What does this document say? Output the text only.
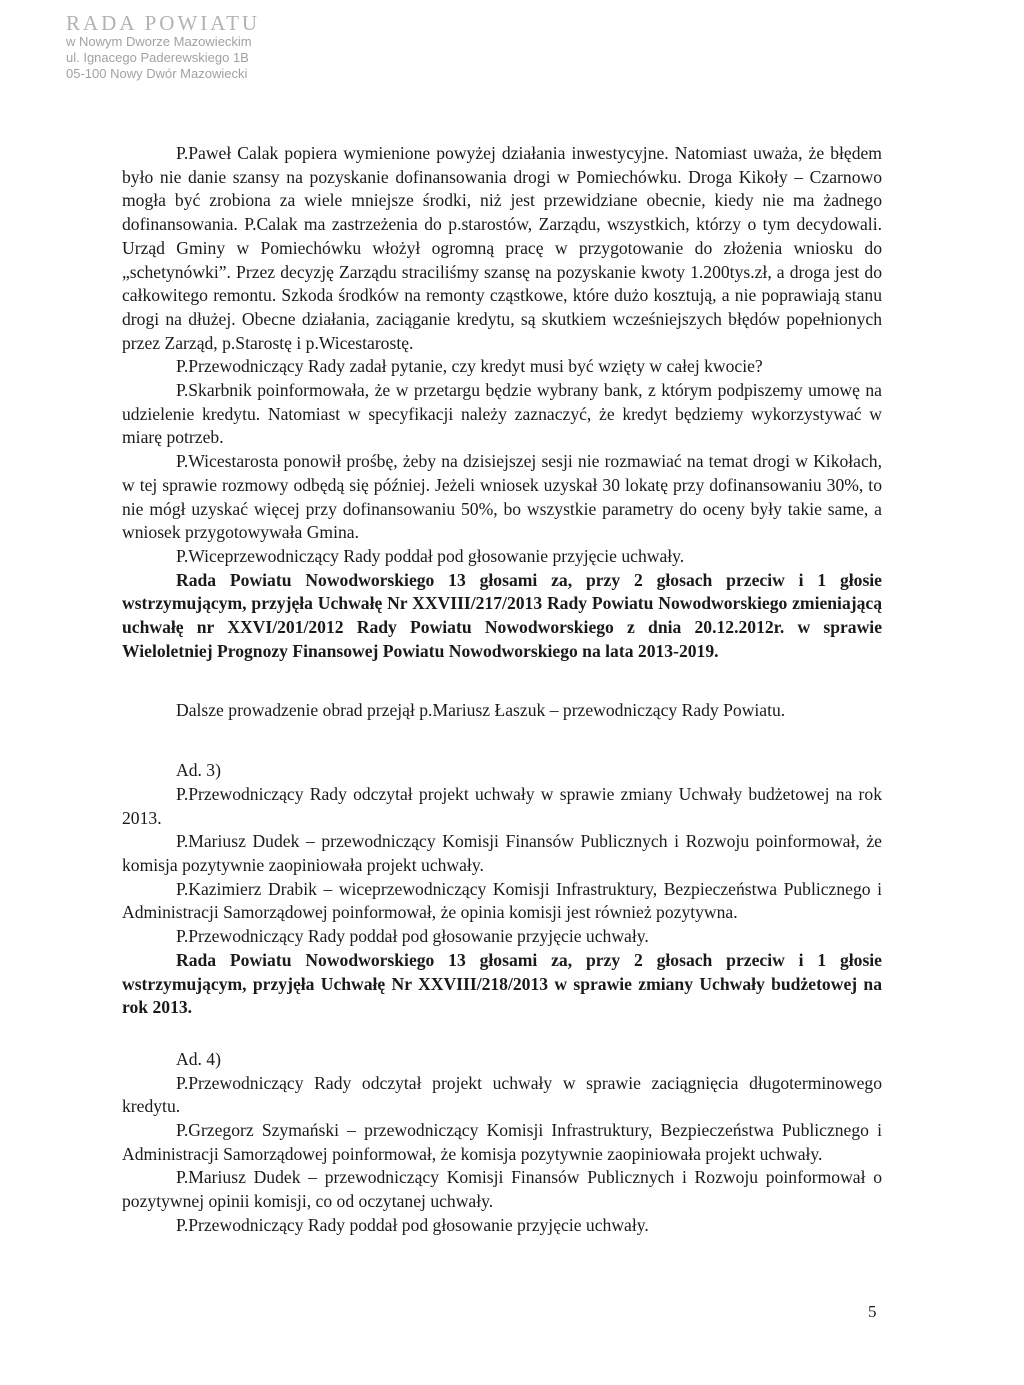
RADA POWIATU
w Nowym Dworze Mazowieckim
ul. Ignacego Paderewskiego 1B
05-100 Nowy Dwór Mazowiecki

P.Paweł Calak popiera wymienione powyżej działania inwestycyjne. Natomiast uważa, że błędem było nie danie szansy na pozyskanie dofinansowania drogi w Pomiechówku. Droga Kikoły – Czarnowo mogła być zrobiona za wiele mniejsze środki, niż jest przewidziane obecnie, kiedy nie ma żadnego dofinansowania. P.Calak ma zastrzeżenia do p.starostów, Zarządu, wszystkich, którzy o tym decydowali. Urząd Gminy w Pomiechówku włożył ogromną pracę w przygotowanie do złożenia wniosku do „schetynówki”. Przez decyzję Zarządu straciliśmy szansę na pozyskanie kwoty 1.200tys.zł, a droga jest do całkowitego remontu. Szkoda środków na remonty cząstkowe, które dużo kosztują, a nie poprawiają stanu drogi na dłużej. Obecne działania, zaciąganie kredytu, są skutkiem wcześniejszych błędów popełnionych przez Zarząd, p.Starostę i p.Wicestarostę.

P.Przewodniczący Rady zadał pytanie, czy kredyt musi być wzięty w całej kwocie?

P.Skarbnik poinformowała, że w przetargu będzie wybrany bank, z którym podpiszemy umowę na udzielenie kredytu. Natomiast w specyfikacji należy zaznaczyć, że kredyt będziemy wykorzystywać w miarę potrzeb.

P.Wicestarosta ponowił prośbę, żeby na dzisiejszej sesji nie rozmawiać na temat drogi w Kikołach, w tej sprawie rozmowy odbędą się później. Jeżeli wniosek uzyskał 30 lokatę przy dofinansowaniu 30%, to nie mógł uzyskać więcej przy dofinansowaniu 50%, bo wszystkie parametry do oceny były takie same, a wniosek przygotowywała Gmina.

P.Wiceprzewodniczący Rady poddał pod głosowanie przyjęcie uchwały.

Rada Powiatu Nowodworskiego 13 głosami za, przy 2 głosach przeciw i 1 głosie wstrzymującym, przyjęła Uchwałę Nr XXVIII/217/2013 Rady Powiatu Nowodworskiego zmieniającą uchwałę nr XXVI/201/2012 Rady Powiatu Nowodworskiego z dnia 20.12.2012r. w sprawie Wieloletniej Prognozy Finansowej Powiatu Nowodworskiego na lata 2013-2019.

Dalsze prowadzenie obrad przejął p.Mariusz Łaszuk – przewodniczący Rady Powiatu.

Ad. 3)

P.Przewodniczący Rady odczytał projekt uchwały w sprawie zmiany Uchwały budżetowej na rok 2013.

P.Mariusz Dudek – przewodniczący Komisji Finansów Publicznych i Rozwoju poinformował, że komisja pozytywnie zaopiniowała projekt uchwały.

P.Kazimierz Drabik – wiceprzewodniczący Komisji Infrastruktury, Bezpieczeństwa Publicznego i Administracji Samorządowej poinformował, że opinia komisji jest również pozytywna.

P.Przewodniczący Rady poddał pod głosowanie przyjęcie uchwały.

Rada Powiatu Nowodworskiego 13 głosami za, przy 2 głosach przeciw i 1 głosie wstrzymującym, przyjęła Uchwałę Nr XXVIII/218/2013 w sprawie zmiany Uchwały budżetowej na rok 2013.

Ad. 4)

P.Przewodniczący Rady odczytał projekt uchwały w sprawie zaciągnięcia długoterminowego kredytu.

P.Grzegorz Szymański – przewodniczący Komisji Infrastruktury, Bezpieczeństwa Publicznego i Administracji Samorządowej poinformował, że komisja pozytywnie zaopiniowała projekt uchwały.

P.Mariusz Dudek – przewodniczący Komisji Finansów Publicznych i Rozwoju poinformował o pozytywnej opinii komisji, co od oczytanej uchwały.

P.Przewodniczący Rady poddał pod głosowanie przyjęcie uchwały.

5
